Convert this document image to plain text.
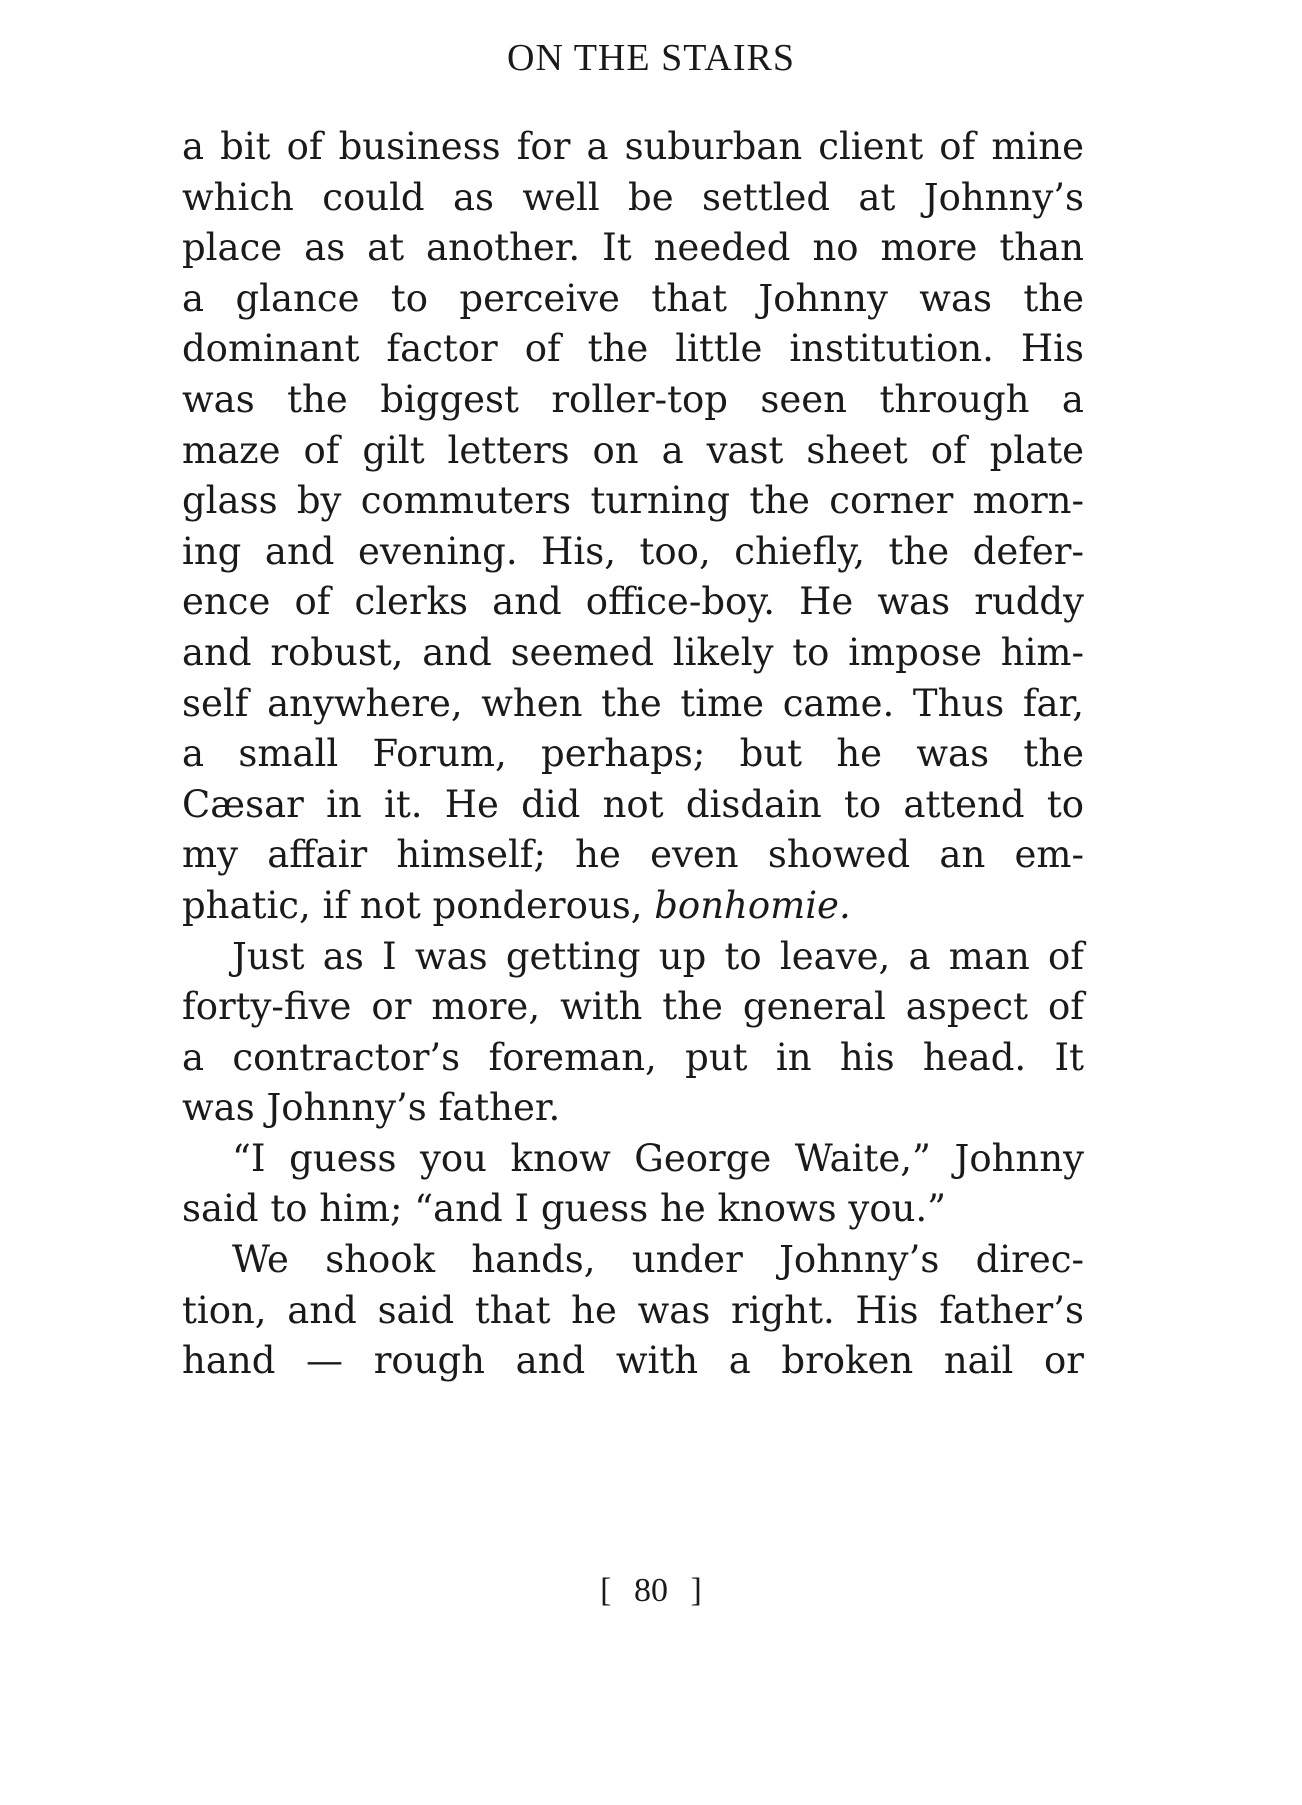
ON THE STAIRS
a bit of business for a suburban client of mine
which could as well be settled at Johnny’s
place as at another. It needed no more than
a glance to perceive that Johnny was the
dominant factor of the little institution. His
was the biggest roller-top seen through a
maze of gilt letters on a vast sheet of plate
glass by commuters turning the corner morn-
ing and evening. His, too, chiefly, the defer-
ence of clerks and office-boy. He was ruddy
and robust, and seemed likely to impose him-
self anywhere, when the time came. Thus far,
a small Forum, perhaps; but he was the
Cæsar in it. He did not disdain to attend to
my affair himself; he even showed an em-
phatic, if not ponderous, bonhomie.
Just as I was getting up to leave, a man of
forty-five or more, with the general aspect of
a contractor’s foreman, put in his head. It
was Johnny’s father.
“I guess you know George Waite,” Johnny
said to him; “and I guess he knows you.”
We shook hands, under Johnny’s direc-
tion, and said that he was right. His father’s
hand — rough and with a broken nail or
[ 80 ]
